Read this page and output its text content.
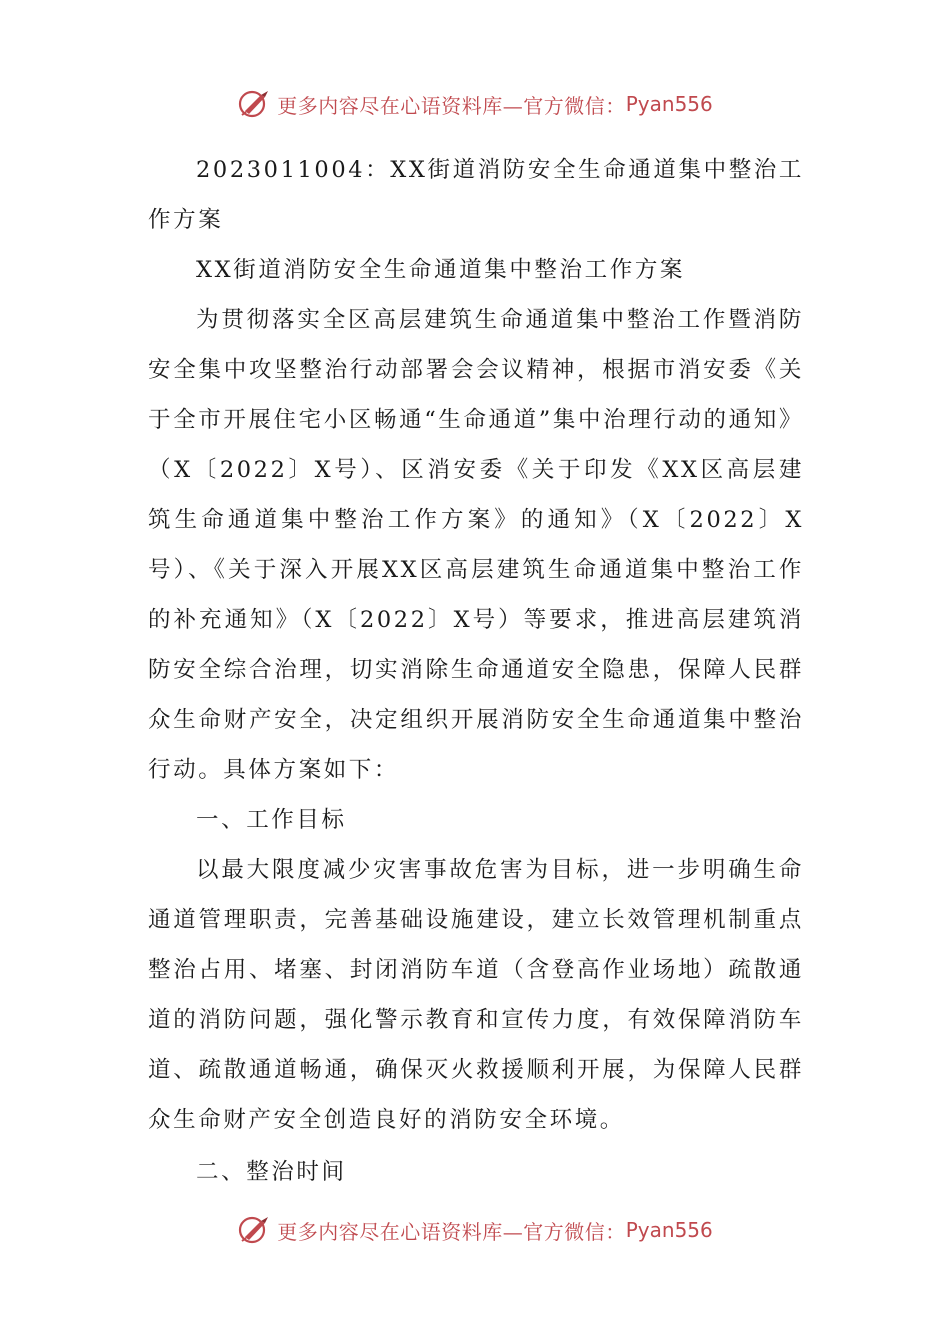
更多内容尽在心语资料库—官方微信： Pyan556

2023011004：XX街道消防安全生命通道集中整治工作方案

XX街道消防安全生命通道集中整治工作方案

为贯彻落实全区高层建筑生命通道集中整治工作暨消防安全集中攻坚整治行动部署会会议精神，根据市消安委《关于全市开展住宅小区畅通“生命通道”集中治理行动的通知》（X〔2022〕X号）、区消安委《关于印发《XX区高层建筑生命通道集中整治工作方案》的通知》（X〔2022〕X号）、《关于深入开展XX区高层建筑生命通道集中整治工作的补充通知》（X〔2022〕X号）等要求，推进高层建筑消防安全综合治理，切实消除生命通道安全隐患，保障人民群众生命财产安全，决定组织开展消防安全生命通道集中整治行动。具体方案如下：

一、工作目标

以最大限度减少灾害事故危害为目标，进一步明确生命通道管理职责，完善基础设施建设，建立长效管理机制重点整治占用、堵塞、封闭消防车道（含登高作业场地）疏散通道的消防问题，强化警示教育和宣传力度，有效保障消防车道、疏散通道畅通，确保灭火救援顺利开展，为保障人民群众生命财产安全创造良好的消防安全环境。

二、整治时间

更多内容尽在心语资料库—官方微信： Pyan556
